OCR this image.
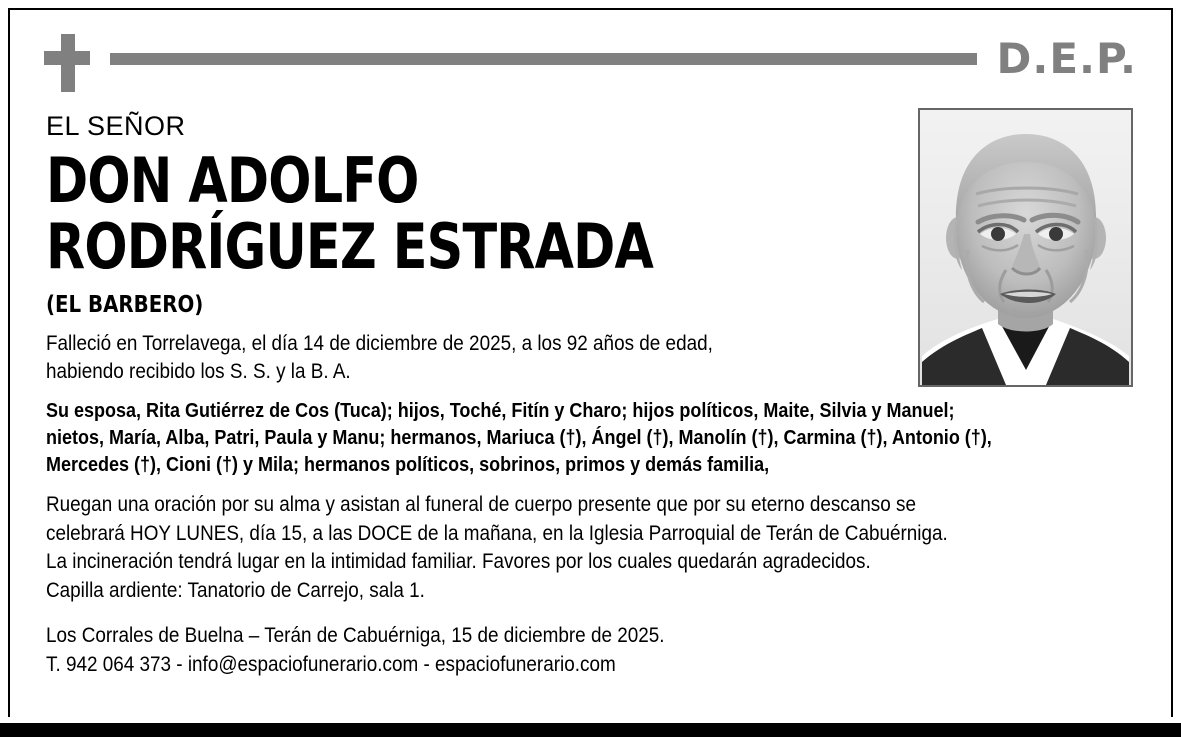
D.E.P.
EL SEÑOR
DON ADOLFO
RODRÍGUEZ ESTRADA
(EL BARBERO)
Falleció en Torrelavega, el día 14 de diciembre de 2025, a los 92 años de edad,
habiendo recibido los S. S. y la B. A.
Su esposa, Rita Gutiérrez de Cos (Tuca); hijos, Toché, Fitín y Charo; hijos políticos, Maite, Silvia y Manuel;
nietos, María, Alba, Patri, Paula y Manu; hermanos, Mariuca (†), Ángel (†), Manolín (†), Carmina (†), Antonio (†),
Mercedes (†), Cioni (†) y Mila; hermanos políticos, sobrinos, primos y demás familia,
Ruegan una oración por su alma y asistan al funeral de cuerpo presente que por su eterno descanso se
celebrará HOY LUNES, día 15, a las DOCE de la mañana, en la Iglesia Parroquial de Terán de Cabuérniga.
La incineración tendrá lugar en la intimidad familiar. Favores por los cuales quedarán agradecidos.
Capilla ardiente: Tanatorio de Carrejo, sala 1.
Los Corrales de Buelna – Terán de Cabuérniga, 15 de diciembre de 2025.
T. 942 064 373 - info@espaciofunerario.com - espaciofunerario.com
